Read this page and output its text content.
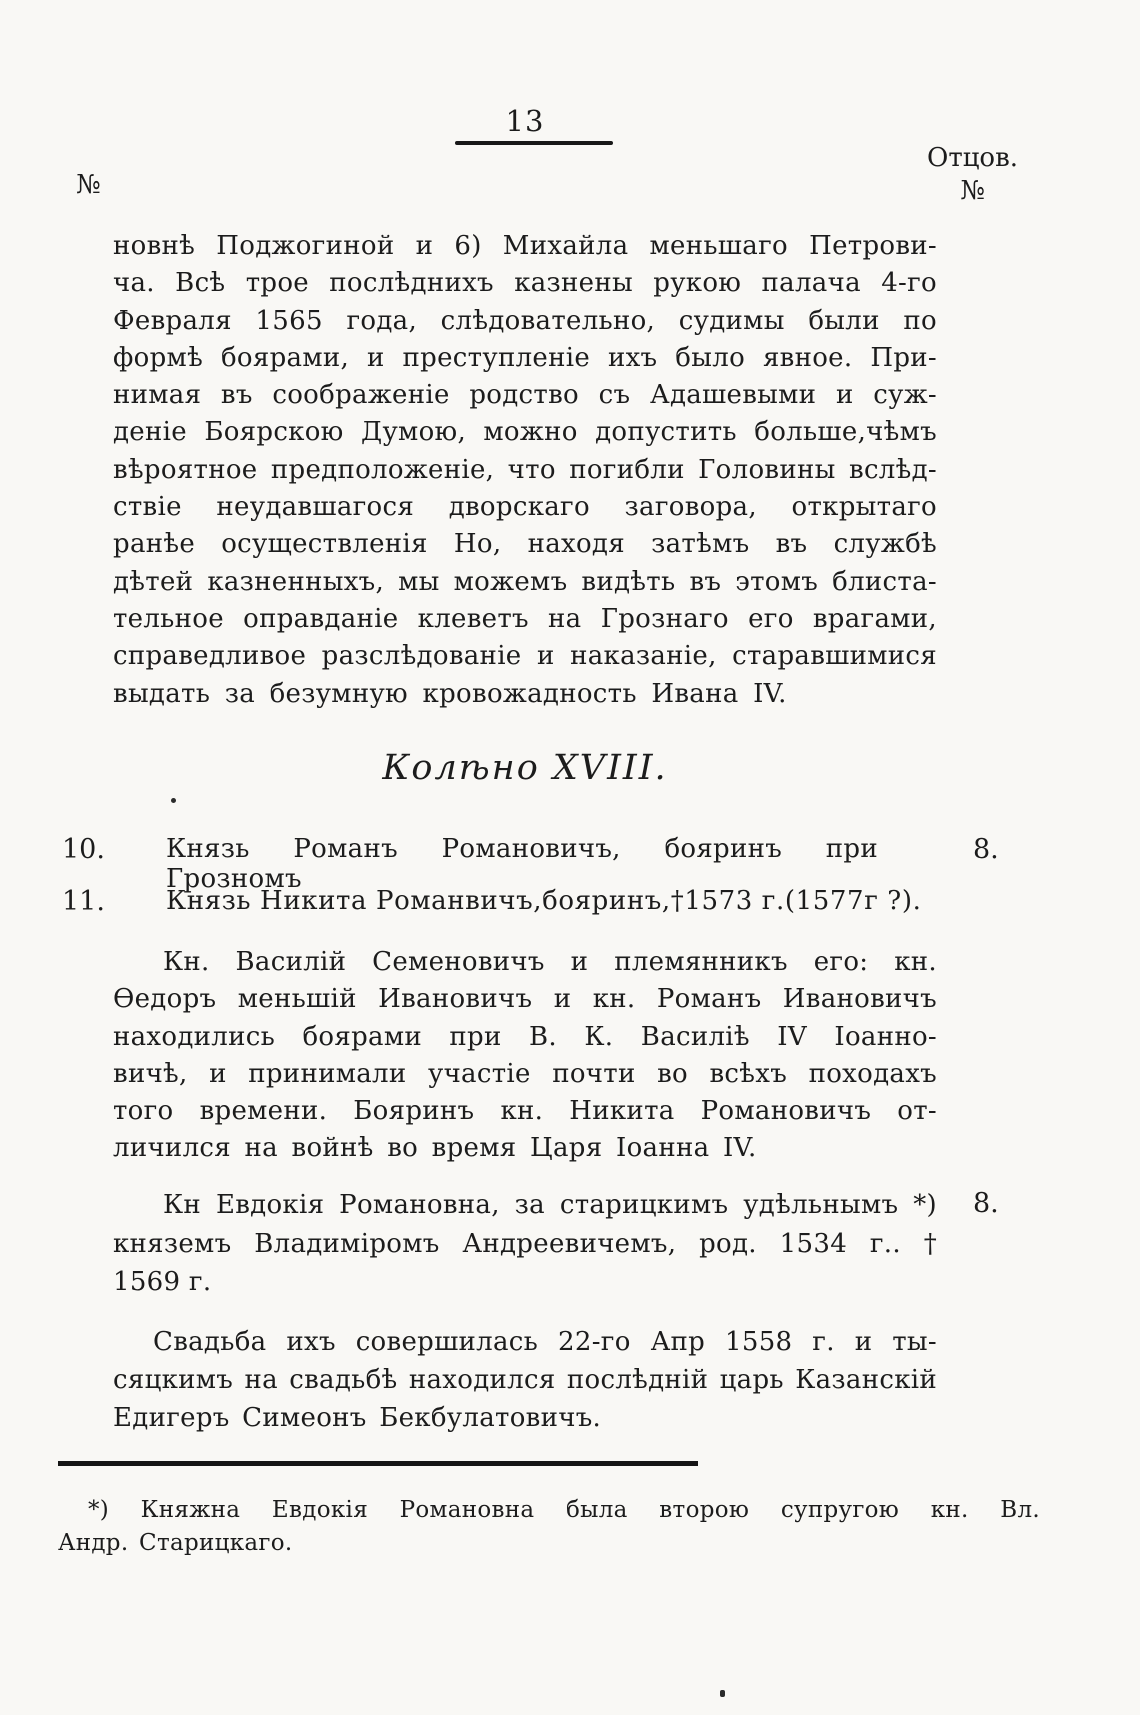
13
Отцов.
№
№
новнѣ Поджогиной и 6) Михайла меньшаго Петрови-
ча. Всѣ трое послѣднихъ казнены рукою палача 4-го
Февраля 1565 года, слѣдовательно, судимы были по
формѣ боярами, и преступленіе ихъ было явное. При-
нимая въ соображеніе родство съ Адашевыми и суж-
деніе Боярскою Думою, можно допустить больше,чѣмъ
вѣроятное предположеніе, что погибли Головины вслѣд-
ствіе неудавшагося дворскаго заговора, открытаго
ранѣе осуществленія Но, находя затѣмъ въ службѣ
дѣтей казненныхъ, мы можемъ видѣть въ этомъ блиста-
тельное оправданіе клеветъ на Грознаго его врагами,
справедливое разслѣдованіе и наказаніе, старавшимися
выдать за безумную кровожадность Ивана IV.
Колѣно XVIII.
10. Князь Романъ Романовичъ, бояринъ при Грозномъ
8.
11. Князь Никита Романвичъ,бояринъ,†1573 г.(1577г ?).
Кн. Василій Семеновичъ и племянникъ его: кн.
Ѳедоръ меньшій Ивановичъ и кн. Романъ Ивановичъ
находились боярами при В. К. Василіѣ IV Іоанно-
вичѣ, и принимали участіе почти во всѣхъ походахъ
того времени. Бояринъ кн. Никита Романовичъ от-
личился на войнѣ во время Царя Іоанна IV.
Кн Евдокія Романовна, за старицкимъ удѣльнымъ *)
княземъ Владиміромъ Андреевичемъ, род. 1534 г.. †
1569 г.
8.
Свадьба ихъ совершилась 22-го Апр 1558 г. и ты-
сяцкимъ на свадьбѣ находился послѣдній царь Казанскій
Едигеръ Симеонъ Бекбулатовичъ.
*) Княжна Евдокія Романовна была второю супругою кн. Вл.
Андр. Старицкаго.
